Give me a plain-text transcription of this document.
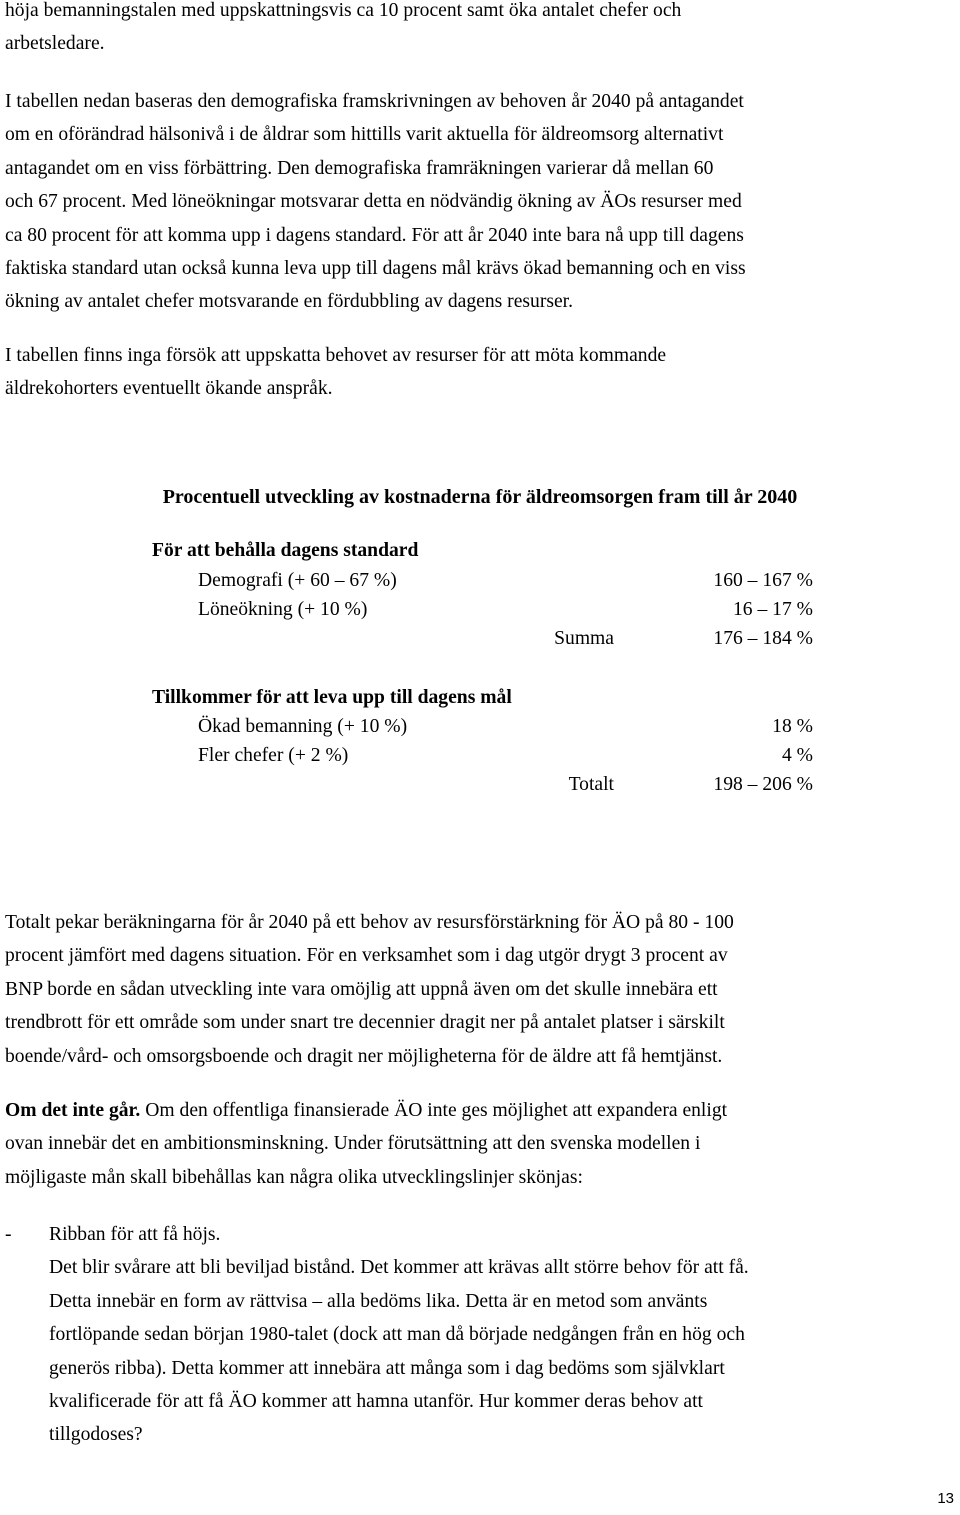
höja bemanningstalen med uppskattningsvis ca 10 procent samt öka antalet chefer och
arbetsledare.

I tabellen nedan baseras den demografiska framskrivningen av behoven år 2040 på antagandet
om en oförändrad hälsonivå i de åldrar som hittills varit aktuella för äldreomsorg alternativt
antagandet om en viss förbättring. Den demografiska framräkningen varierar då mellan 60
och 67 procent. Med löneökningar motsvarar detta en nödvändig ökning av ÄOs resurser med
ca 80 procent för att komma upp i dagens standard. För att år 2040 inte bara nå upp till dagens
faktiska standard utan också kunna leva upp till dagens mål krävs ökad bemanning och en viss
ökning av antalet chefer motsvarande en fördubbling av dagens resurser.

I tabellen finns inga försök att uppskatta behovet av resurser för att möta kommande
äldrekohorters eventuellt ökande anspråk.

Procentuell utveckling av kostnaderna för äldreomsorgen fram till år 2040
För att behålla dagens standard
Demografi (+ 60 – 67 %)	160 – 167 %
Löneökning (+ 10 %)	16 – 17 %
Summa	176 – 184 %
Tillkommer för att leva upp till dagens mål
Ökad bemanning (+ 10 %)	18 %
Fler chefer (+ 2 %)	4 %
Totalt	198 – 206 %

Totalt pekar beräkningarna för år 2040 på ett behov av resursförstärkning för ÄO på 80 - 100
procent jämfört med dagens situation. För en verksamhet som i dag utgör drygt 3 procent av
BNP borde en sådan utveckling inte vara omöjlig att uppnå även om det skulle innebära ett
trendbrott för ett område som under snart tre decennier dragit ner på antalet platser i särskilt
boende/vård- och omsorgsboende och dragit ner möjligheterna för de äldre att få hemtjänst.

Om det inte går. Om den offentliga finansierade ÄO inte ges möjlighet att expandera enligt
ovan innebär det en ambitionsminskning. Under förutsättning att den svenska modellen i
möjligaste mån skall bibehållas kan några olika utvecklingslinjer skönjas:

- Ribban för att få höjs.
Det blir svårare att bli beviljad bistånd. Det kommer att krävas allt större behov för att få.
Detta innebär en form av rättvisa – alla bedöms lika. Detta är en metod som använts
fortlöpande sedan början 1980-talet (dock att man då började nedgången från en hög och
generös ribba). Detta kommer att innebära att många som i dag bedöms som självklart
kvalificerade för att få ÄO kommer att hamna utanför. Hur kommer deras behov att
tillgodoses?
13
